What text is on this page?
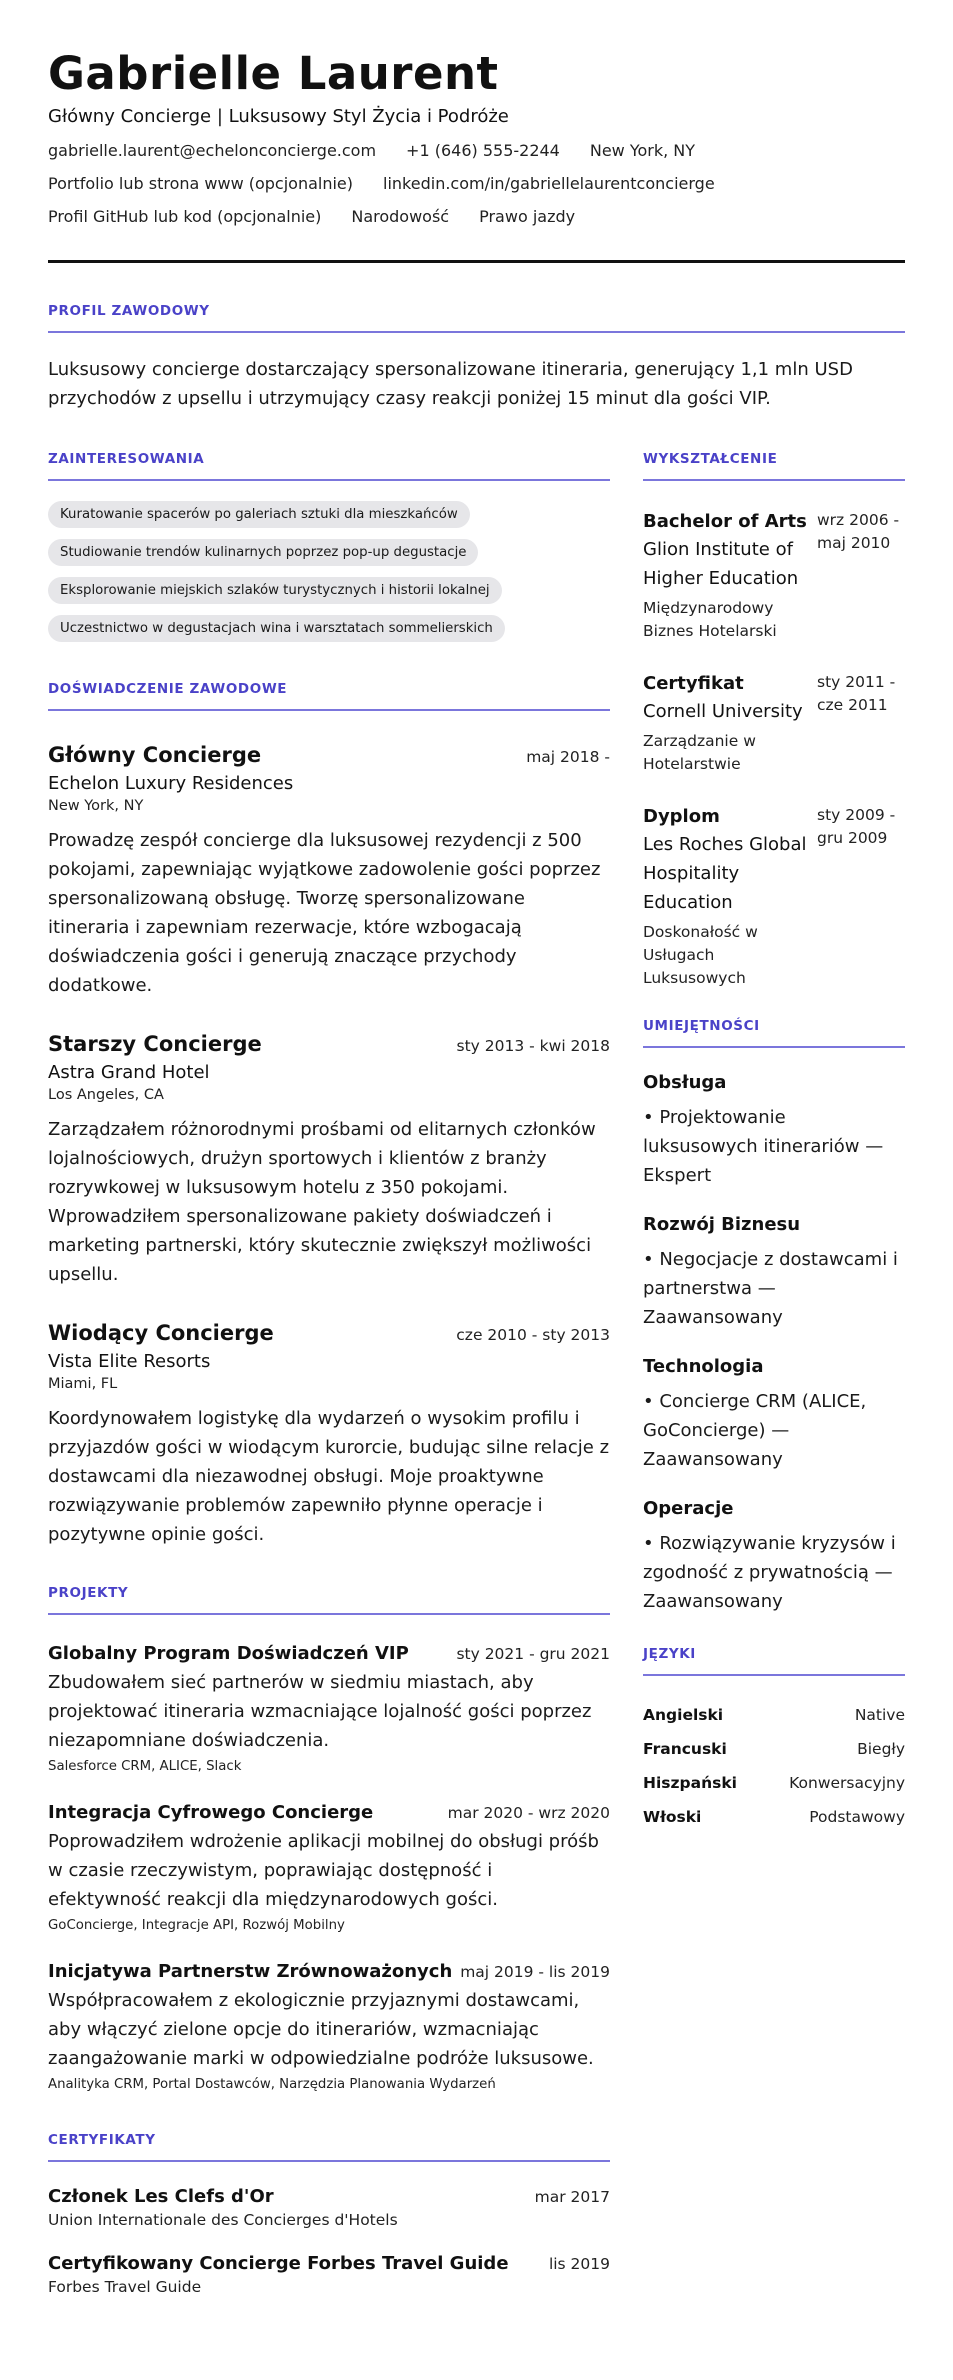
Gabrielle Laurent
Główny Concierge | Luksusowy Styl Życia i Podróże
gabrielle.laurent@echelonconcierge.com +1 (646) 555-2244 New York, NY
Portfolio lub strona www (opcjonalnie) linkedin.com/in/gabriellelaurentconcierge
Profil GitHub lub kod (opcjonalnie) Narodowość Prawo jazdy
PROFIL ZAWODOWY
Luksusowy concierge dostarczający spersonalizowane itineraria, generujący 1,1 mln USD przychodów z upsellu i utrzymujący czasy reakcji poniżej 15 minut dla gości VIP.
ZAINTERESOWANIA
Kuratowanie spacerów po galeriach sztuki dla mieszkańców
Studiowanie trendów kulinarnych poprzez pop-up degustacje
Eksplorowanie miejskich szlaków turystycznych i historii lokalnej
Uczestnictwo w degustacjach wina i warsztatach sommelierskich
DOŚWIADCZENIE ZAWODOWE
Główny Concierge	maj 2018 -
Echelon Luxury Residences
New York, NY
Prowadzę zespół concierge dla luksusowej rezydencji z 500 pokojami, zapewniając wyjątkowe zadowolenie gości poprzez spersonalizowaną obsługę. Tworzę spersonalizowane itineraria i zapewniam rezerwacje, które wzbogacają doświadczenia gości i generują znaczące przychody dodatkowe.
Starszy Concierge	sty 2013 - kwi 2018
Astra Grand Hotel
Los Angeles, CA
Zarządzałem różnorodnymi prośbami od elitarnych członków lojalnościowych, drużyn sportowych i klientów z branży rozrywkowej w luksusowym hotelu z 350 pokojami. Wprowadziłem spersonalizowane pakiety doświadczeń i marketing partnerski, który skutecznie zwiększył możliwości upsellu.
Wiodący Concierge	cze 2010 - sty 2013
Vista Elite Resorts
Miami, FL
Koordynowałem logistykę dla wydarzeń o wysokim profilu i przyjazdów gości w wiodącym kurorcie, budując silne relacje z dostawcami dla niezawodnej obsługi. Moje proaktywne rozwiązywanie problemów zapewniło płynne operacje i pozytywne opinie gości.
PROJEKTY
Globalny Program Doświadczeń VIP	sty 2021 - gru 2021
Zbudowałem sieć partnerów w siedmiu miastach, aby projektować itineraria wzmacniające lojalność gości poprzez niezapomniane doświadczenia.
Salesforce CRM, ALICE, Slack
Integracja Cyfrowego Concierge	mar 2020 - wrz 2020
Poprowadziłem wdrożenie aplikacji mobilnej do obsługi próśb w czasie rzeczywistym, poprawiając dostępność i efektywność reakcji dla międzynarodowych gości.
GoConcierge, Integracje API, Rozwój Mobilny
Inicjatywa Partnerstw Zrównoważonych maj 2019 - lis 2019
Współpracowałem z ekologicznie przyjaznymi dostawcami, aby włączyć zielone opcje do itinerariów, wzmacniając zaangażowanie marki w odpowiedzialne podróże luksusowe.
Analityka CRM, Portal Dostawców, Narzędzia Planowania Wydarzeń
CERTYFIKATY
Członek Les Clefs d'Or	mar 2017
Union Internationale des Concierges d'Hotels
Certyfikowany Concierge Forbes Travel Guide	lis 2019
Forbes Travel Guide
WYKSZTAŁCENIE
Bachelor of Arts
Glion Institute of Higher Education
Międzynarodowy Biznes Hotelarski
wrz 2006 - maj 2010
Certyfikat
Cornell University
Zarządzanie w Hotelarstwie
sty 2011 - cze 2011
Dyplom
Les Roches Global Hospitality Education
Doskonałość w Usługach Luksusowych
sty 2009 - gru 2009
UMIEJĘTNOŚCI
Obsługa
• Projektowanie luksusowych itinerariów — Ekspert
Rozwój Biznesu
• Negocjacje z dostawcami i partnerstwa — Zaawansowany
Technologia
• Concierge CRM (ALICE, GoConcierge) — Zaawansowany
Operacje
• Rozwiązywanie kryzysów i zgodność z prywatnością — Zaawansowany
JĘZYKI
Angielski	Native
Francuski	Biegły
Hiszpański	Konwersacyjny
Włoski	Podstawowy
